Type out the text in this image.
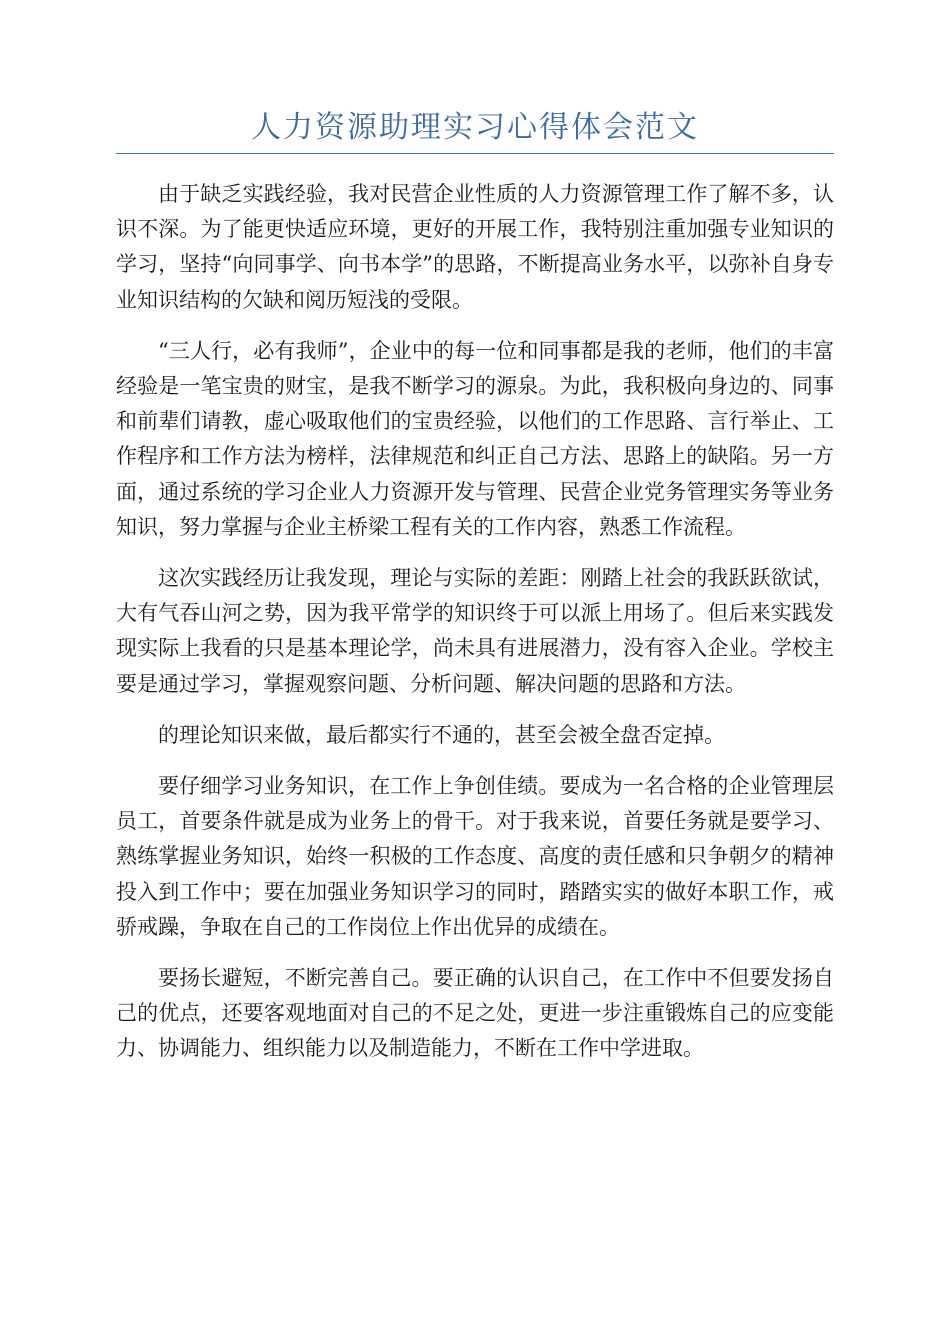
人力资源助理实习心得体会范文

由于缺乏实践经验，我对民营企业性质的人力资源管理工作了解不多，认识不深。为了能更快适应环境，更好的开展工作，我特别注重加强专业知识的学习，坚持“向同事学、向书本学”的思路，不断提高业务水平，以弥补自身专业知识结构的欠缺和阅历短浅的受限。

“三人行，必有我师”，企业中的每一位和同事都是我的老师，他们的丰富经验是一笔宝贵的财宝，是我不断学习的源泉。为此，我积极向身边的、同事和前辈们请教，虚心吸取他们的宝贵经验，以他们的工作思路、言行举止、工作程序和工作方法为榜样，法律规范和纠正自己方法、思路上的缺陷。另一方面，通过系统的学习企业人力资源开发与管理、民营企业党务管理实务等业务知识，努力掌握与企业主桥梁工程有关的工作内容，熟悉工作流程。

这次实践经历让我发现，理论与实际的差距：刚踏上社会的我跃跃欲试，大有气吞山河之势，因为我平常学的知识终于可以派上用场了。但后来实践发现实际上我看的只是基本理论学，尚未具有进展潜力，没有容入企业。学校主要是通过学习，掌握观察问题、分析问题、解决问题的思路和方法。

的理论知识来做，最后都实行不通的，甚至会被全盘否定掉。

要仔细学习业务知识，在工作上争创佳绩。要成为一名合格的企业管理层员工，首要条件就是成为业务上的骨干。对于我来说，首要任务就是要学习、熟练掌握业务知识，始终一积极的工作态度、高度的责任感和只争朝夕的精神投入到工作中；要在加强业务知识学习的同时，踏踏实实的做好本职工作，戒骄戒躁，争取在自己的工作岗位上作出优异的成绩在。

要扬长避短，不断完善自己。要正确的认识自己，在工作中不但要发扬自己的优点，还要客观地面对自己的不足之处，更进一步注重锻炼自己的应变能力、协调能力、组织能力以及制造能力，不断在工作中学进取。
